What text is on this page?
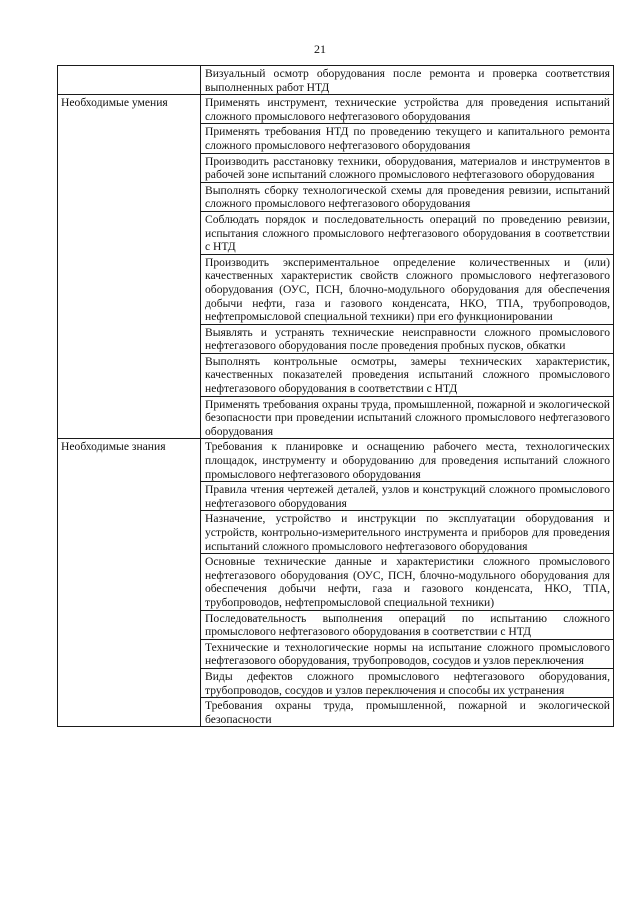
21
	Визуальный осмотр оборудования после ремонта и проверка соответствия выполненных работ НТД
Необходимые умения	Применять инструмент, технические устройства для проведения испытаний сложного промыслового нефтегазового оборудования
	Применять требования НТД по проведению текущего и капитального ремонта сложного промыслового нефтегазового оборудования
	Производить расстановку техники, оборудования, материалов и инструментов в рабочей зоне испытаний сложного промыслового нефтегазового оборудования
	Выполнять сборку технологической схемы для проведения ревизии, испытаний сложного промыслового нефтегазового оборудования
	Соблюдать порядок и последовательность операций по проведению ревизии, испытания сложного промыслового нефтегазового оборудования в соответствии с НТД
	Производить экспериментальное определение количественных и (или) качественных характеристик свойств сложного промыслового нефтегазового оборудования (ОУС, ПСН, блочно-модульного оборудования для обеспечения добычи нефти, газа и газового конденсата, НКО, ТПА, трубопроводов, нефтепромысловой специальной техники) при его функционировании
	Выявлять и устранять технические неисправности сложного промыслового нефтегазового оборудования после проведения пробных пусков, обкатки
	Выполнять контрольные осмотры, замеры технических характеристик, качественных показателей проведения испытаний сложного промыслового нефтегазового оборудования в соответствии с НТД
	Применять требования охраны труда, промышленной, пожарной и экологической безопасности при проведении испытаний сложного промыслового нефтегазового оборудования
Необходимые знания	Требования к планировке и оснащению рабочего места, технологических площадок, инструменту и оборудованию для проведения испытаний сложного промыслового нефтегазового оборудования
	Правила чтения чертежей деталей, узлов и конструкций сложного промыслового нефтегазового оборудования
	Назначение, устройство и инструкции по эксплуатации оборудования и устройств, контрольно-измерительного инструмента и приборов для проведения испытаний сложного промыслового нефтегазового оборудования
	Основные технические данные и характеристики сложного промыслового нефтегазового оборудования (ОУС, ПСН, блочно-модульного оборудования для обеспечения добычи нефти, газа и газового конденсата, НКО, ТПА, трубопроводов, нефтепромысловой специальной техники)
	Последовательность выполнения операций по испытанию сложного промыслового нефтегазового оборудования в соответствии с НТД
	Технические и технологические нормы на испытание сложного промыслового нефтегазового оборудования, трубопроводов, сосудов и узлов переключения
	Виды дефектов сложного промыслового нефтегазового оборудования, трубопроводов, сосудов и узлов переключения и способы их устранения
	Требования охраны труда, промышленной, пожарной и экологической безопасности
